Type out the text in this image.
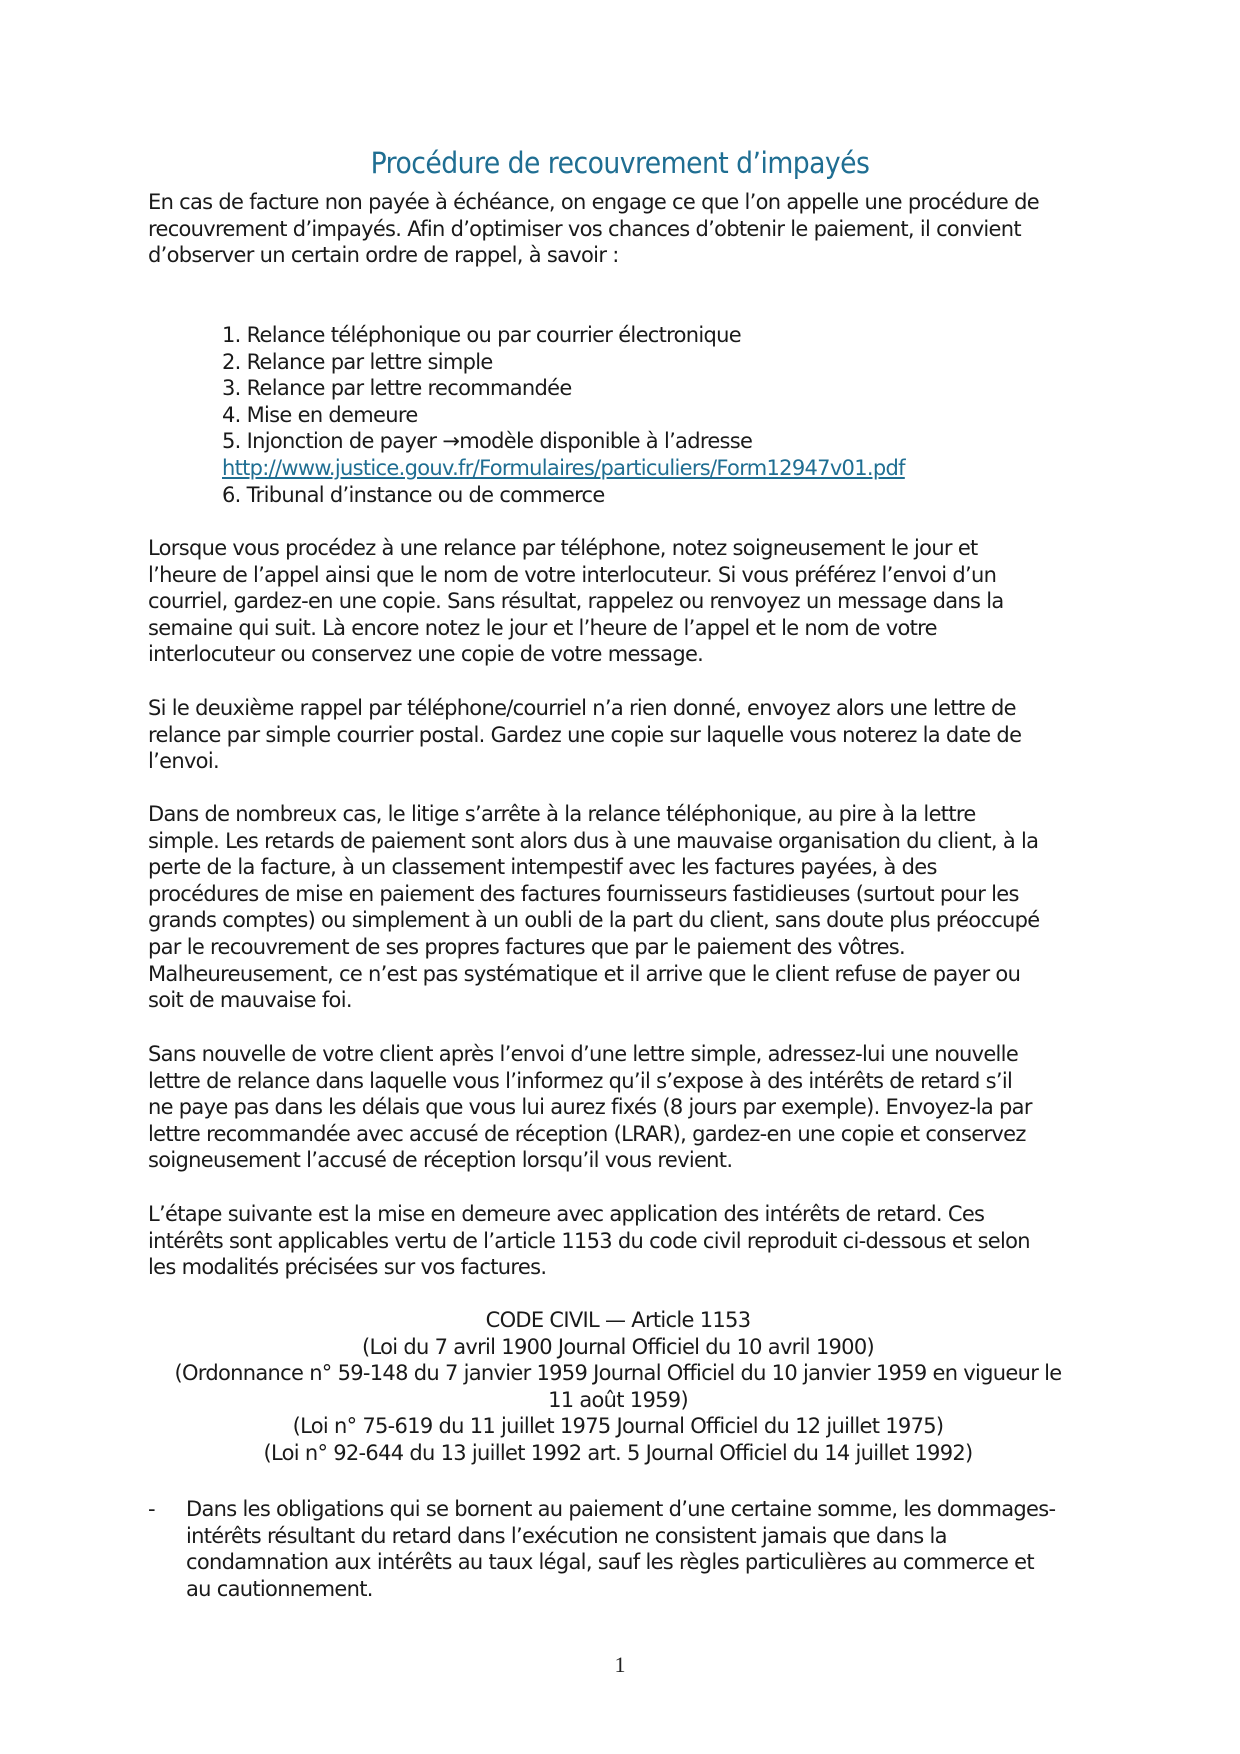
Procédure de recouvrement d’impayés
En cas de facture non payée à échéance, on engage ce que l’on appelle une procédure de
recouvrement d’impayés. Afin d’optimiser vos chances d’obtenir le paiement, il convient
d’observer un certain ordre de rappel, à savoir :
1. Relance téléphonique ou par courrier électronique
2. Relance par lettre simple
3. Relance par lettre recommandée
4. Mise en demeure
5. Injonction de payer →modèle disponible à l’adresse
http://www.justice.gouv.fr/Formulaires/particuliers/Form12947v01.pdf
6. Tribunal d’instance ou de commerce
Lorsque vous procédez à une relance par téléphone, notez soigneusement le jour et
l’heure de l’appel ainsi que le nom de votre interlocuteur. Si vous préférez l’envoi d’un
courriel, gardez-en une copie. Sans résultat, rappelez ou renvoyez un message dans la
semaine qui suit. Là encore notez le jour et l’heure de l’appel et le nom de votre
interlocuteur ou conservez une copie de votre message.
Si le deuxième rappel par téléphone/courriel n’a rien donné, envoyez alors une lettre de
relance par simple courrier postal. Gardez une copie sur laquelle vous noterez la date de
l’envoi.
Dans de nombreux cas, le litige s’arrête à la relance téléphonique, au pire à la lettre
simple. Les retards de paiement sont alors dus à une mauvaise organisation du client, à la
perte de la facture, à un classement intempestif avec les factures payées, à des
procédures de mise en paiement des factures fournisseurs fastidieuses (surtout pour les
grands comptes) ou simplement à un oubli de la part du client, sans doute plus préoccupé
par le recouvrement de ses propres factures que par le paiement des vôtres.
Malheureusement, ce n’est pas systématique et il arrive que le client refuse de payer ou
soit de mauvaise foi.
Sans nouvelle de votre client après l’envoi d’une lettre simple, adressez-lui une nouvelle
lettre de relance dans laquelle vous l’informez qu’il s’expose à des intérêts de retard s’il
ne paye pas dans les délais que vous lui aurez fixés (8 jours par exemple). Envoyez-la par
lettre recommandée avec accusé de réception (LRAR), gardez-en une copie et conservez
soigneusement l’accusé de réception lorsqu’il vous revient.
L’étape suivante est la mise en demeure avec application des intérêts de retard. Ces
intérêts sont applicables vertu de l’article 1153 du code civil reproduit ci-dessous et selon
les modalités précisées sur vos factures.
CODE CIVIL — Article 1153
(Loi du 7 avril 1900 Journal Officiel du 10 avril 1900)
(Ordonnance n° 59-148 du 7 janvier 1959 Journal Officiel du 10 janvier 1959 en vigueur le
11 août 1959)
(Loi n° 75-619 du 11 juillet 1975 Journal Officiel du 12 juillet 1975)
(Loi n° 92-644 du 13 juillet 1992 art. 5 Journal Officiel du 14 juillet 1992)
- Dans les obligations qui se bornent au paiement d’une certaine somme, les dommages-
intérêts résultant du retard dans l’exécution ne consistent jamais que dans la
condamnation aux intérêts au taux légal, sauf les règles particulières au commerce et
au cautionnement.
1
